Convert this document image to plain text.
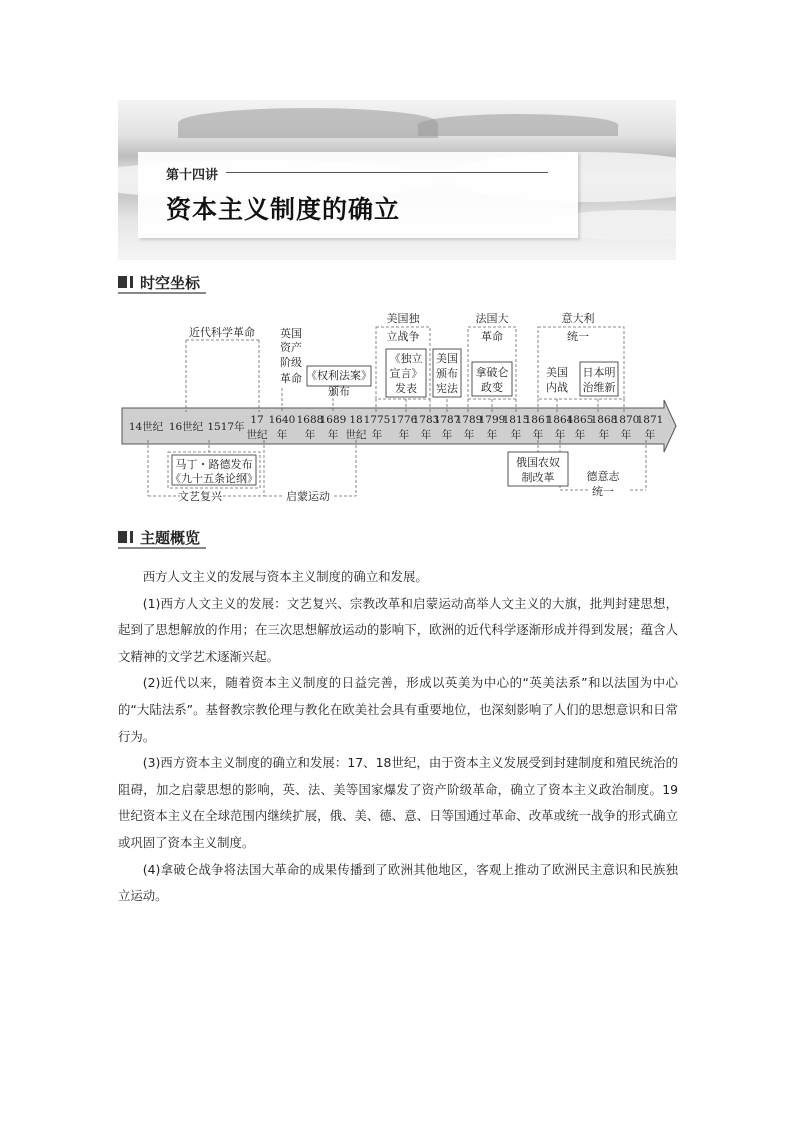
第十四讲
资本主义制度的确立
时空坐标
14世纪 16世纪 1517年
17
世纪
1640
年
1688
年
1689
年
18
世纪
1775
年
1776
年
1783
年
1787
年
1789
年
1799
年
1815
年
1861
年
1864
年
1865
年
1868
年
1870
年
1871
年
近代科学革命 英国
资产
阶级
革命 《权利法案》
颁布
美国独
立战争
《独立
宣言》
发表
美国
颁布
宪法
法国大
革命
拿破仑
政变
意大利
统一
美国
内战
日本明
治维新
马丁・路德发布
《九十五条论纲》
文艺复兴	启蒙运动
俄国农奴
制改革	德意志
统一
主题概览

西方人文主义的发展与资本主义制度的确立和发展。

(1)西方人文主义的发展：文艺复兴、宗教改革和启蒙运动高举人文主义的大旗，批判封建思想，起到了思想解放的作用；在三次思想解放运动的影响下，欧洲的近代科学逐渐形成并得到发展；蕴含人文精神的文学艺术逐渐兴起。

(2)近代以来，随着资本主义制度的日益完善，形成以英美为中心的“英美法系”和以法国为中心的“大陆法系”。基督教宗教伦理与教化在欧美社会具有重要地位，也深刻影响了人们的思想意识和日常行为。

(3)西方资本主义制度的确立和发展：17、18世纪，由于资本主义发展受到封建制度和殖民统治的阻碍，加之启蒙思想的影响，英、法、美等国家爆发了资产阶级革命，确立了资本主义政治制度。19世纪资本主义在全球范围内继续扩展，俄、美、德、意、日等国通过革命、改革或统一战争的形式确立或巩固了资本主义制度。

(4)拿破仑战争将法国大革命的成果传播到了欧洲其他地区，客观上推动了欧洲民主意识和民族独立运动。
